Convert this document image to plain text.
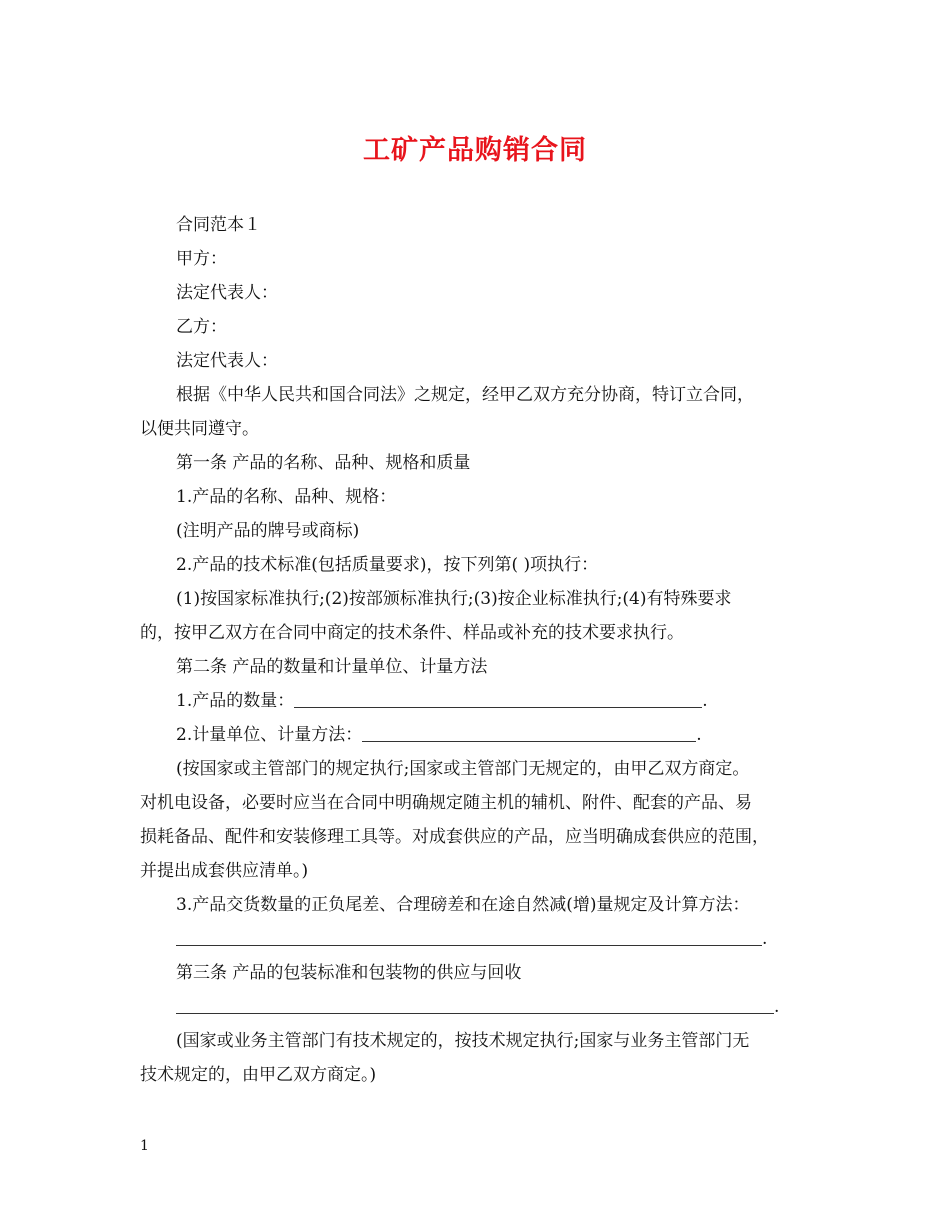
工矿产品购销合同
合同范本１
甲方：
法定代表人：
乙方：
法定代表人：
根据《中华人民共和国合同法》之规定，经甲乙双方充分协商，特订立合同，
以便共同遵守。
第一条 产品的名称、品种、规格和质量
1.产品的名称、品种、规格：
(注明产品的牌号或商标)
2.产品的技术标准(包括质量要求)，按下列第( )项执行：
(1)按国家标准执行;(2)按部颁标准执行;(3)按企业标准执行;(4)有特殊要求
的，按甲乙双方在合同中商定的技术条件、样品或补充的技术要求执行。
第二条 产品的数量和计量单位、计量方法
1.产品的数量：	.
2.计量单位、计量方法：	.
(按国家或主管部门的规定执行;国家或主管部门无规定的，由甲乙双方商定。
对机电设备，必要时应当在合同中明确规定随主机的辅机、附件、配套的产品、易
损耗备品、配件和安装修理工具等。对成套供应的产品，应当明确成套供应的范围，
并提出成套供应清单。)
3.产品交货数量的正负尾差、合理磅差和在途自然减(增)量规定及计算方法：
.
第三条 产品的包装标准和包装物的供应与回收
.
(国家或业务主管部门有技术规定的，按技术规定执行;国家与业务主管部门无
技术规定的，由甲乙双方商定。)
1
